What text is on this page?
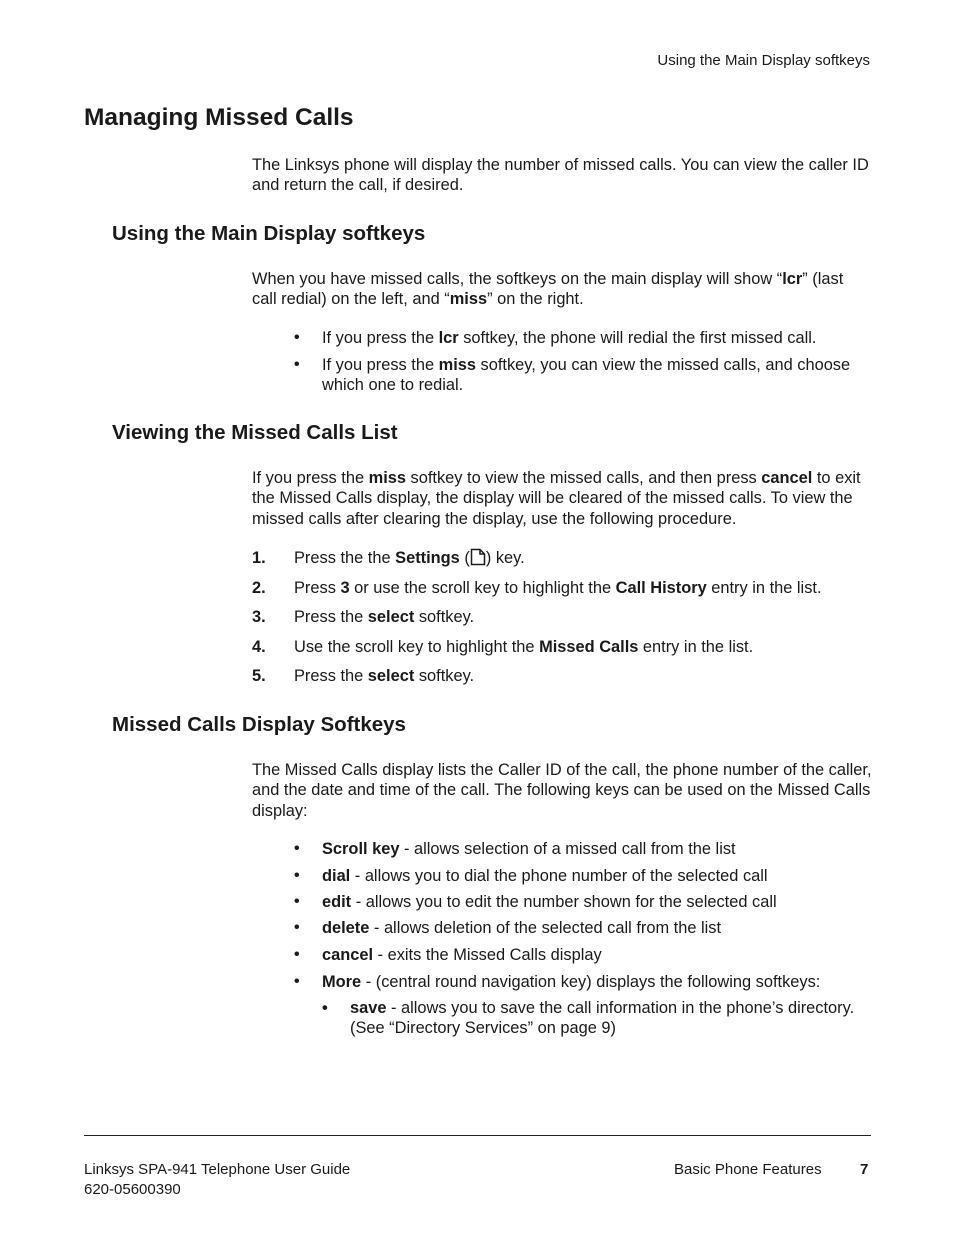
Using the Main Display softkeys
Managing Missed Calls

The Linksys phone will display the number of missed calls. You can view the caller ID and return the call, if desired.

Using the Main Display softkeys

When you have missed calls, the softkeys on the main display will show “lcr” (last call redial) on the left, and “miss” on the right.

• If you press the lcr softkey, the phone will redial the first missed call.
• If you press the miss softkey, you can view the missed calls, and choose which one to redial.
Viewing the Missed Calls List

If you press the miss softkey to view the missed calls, and then press cancel to exit the Missed Calls display, the display will be cleared of the missed calls. To view the missed calls after clearing the display, use the following procedure.

1. Press the the Settings ( ) key.
2. Press 3 or use the scroll key to highlight the Call History entry in the list.
3. Press the select softkey.
4. Use the scroll key to highlight the Missed Calls entry in the list.
5. Press the select softkey.
Missed Calls Display Softkeys

The Missed Calls display lists the Caller ID of the call, the phone number of the caller, and the date and time of the call. The following keys can be used on the Missed Calls display:

• Scroll key - allows selection of a missed call from the list
• dial - allows you to dial the phone number of the selected call
• edit - allows you to edit the number shown for the selected call
• delete - allows deletion of the selected call from the list
• cancel - exits the Missed Calls display
• More - (central round navigation key) displays the following softkeys:
• save - allows you to save the call information in the phone’s directory. (See “Directory Services” on page 9)
Linksys SPA-941 Telephone User Guide
620-05600390
Basic Phone Features	7
